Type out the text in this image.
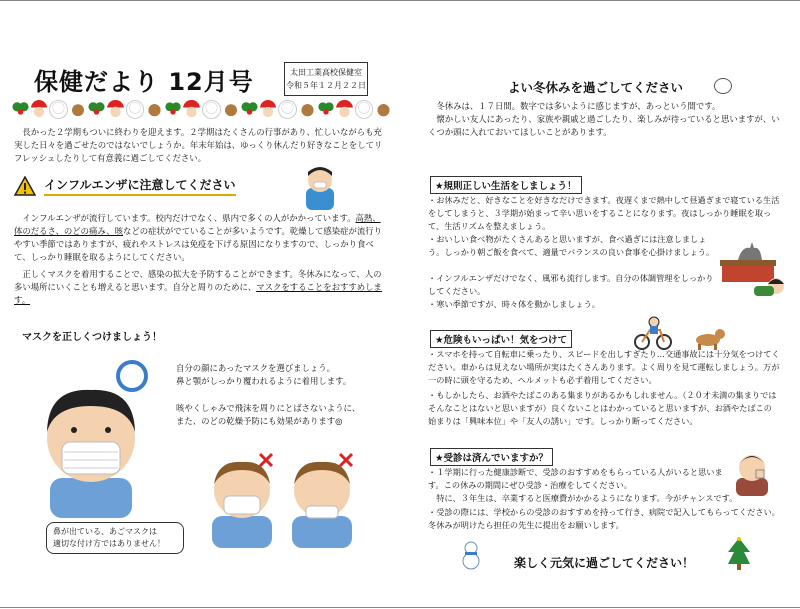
保健だより 12月号	太田工業高校保健室
令和５年１２月２２日
　長かった２学期もついに終わりを迎えます。２学期はたくさんの行事があり、忙しいながらも充実した日々を過ごせたのではないでしょうか。年末年始は、ゆっくり休んだり好きなことをしてリフレッシュしたりして有意義に過ごしてください。
インフルエンザに注意してください
　インフルエンザが流行しています。校内だけでなく、県内で多くの人がかかっています。高熱、体のだるさ、のどの痛み、咳などの症状がでていることが多いようです。乾燥して感染症が流行りやすい季節ではありますが、疲れやストレスは免疫を下げる原因になりますので、しっかり食べて、しっかり睡眠を取るようにしてください。
　正しくマスクを着用することで、感染の拡大を予防することができます。冬休みになって、人の多い場所にいくことも増えると思います。自分と周りのために、マスクをすることをおすすめします。
マスクを正しくつけましょう！
自分の顔にあったマスクを選びましょう。
鼻と顎がしっかり覆われるように着用します。
咳やくしゃみで飛沫を周りにとばさないように、
また、のどの乾燥予防にも効果があります◎
鼻が出ている、あごマスクは
適切な付け方ではありません！
よい冬休みを過ごしてください
　冬休みは、１７日間。数字では多いように感じますが、あっという間です。
　懐かしい友人にあったり、家族や親戚と過ごしたり、楽しみが待っていると思いますが、いくつか頭に入れておいてほしいことがあります。
★規則正しい生活をしましょう！
・お休みだと、好きなことを好きなだけできます。夜遅くまで熱中して昼過ぎまで寝ている生活をしてしまうと、３学期が始まって辛い思いをすることになります。夜はしっかり睡眠を取って、生活リズムを整えましょう。
・おいしい食べ物がたくさんあると思いますが、食べ過ぎには注意しましょう。しっかり朝ご飯を食べて、適量でバランスの良い食事を心掛けましょう。
・インフルエンザだけでなく、風邪も流行します。自分の体調管理をしっかりしてください。
・寒い季節ですが、時々体を動かしましょう。
★危険もいっぱい！気をつけて
・スマホを持って自転車に乗ったり、スピードを出しすぎたり…交通事故には十分気をつけてください。車からは見えない場所が実はたくさんあります。よく周りを見て運転しましょう。万が一の時に頭を守るため、ヘルメットも必ず着用してください。
・もしかしたら、お酒やたばこのある集まりがあるかもしれません。（２０才未満の集まりではそんなことはないと思いますが）良くないことはわかっていると思いますが、お酒やたばこの始まりは「興味本位」や「友人の誘い」です。しっかり断ってください。
★受診は済んでいますか？
・１学期に行った健康診断で、受診のおすすめをもらっている人がいると思います。この休みの期間にぜひ受診・治療をしてください。
　特に、３年生は、卒業すると医療費がかかるようになります。今がチャンスです。
・受診の際には、学校からの受診のおすすめを持って行き、病院で記入してもらってください。冬休みが明けたら担任の先生に提出をお願いします。
楽しく元気に過ごしてください！
